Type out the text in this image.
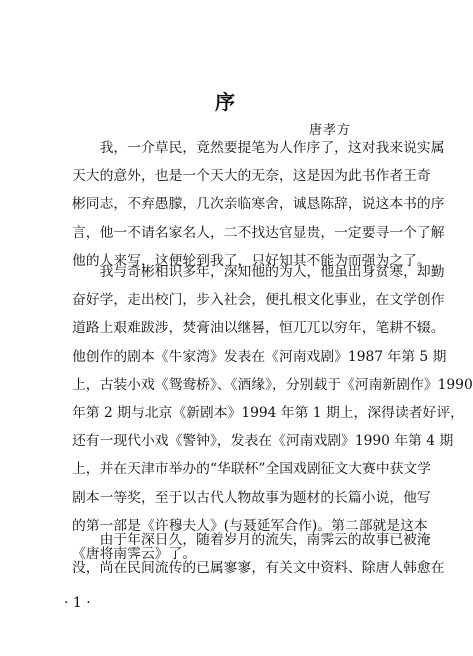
序
唐孝方
　　我，一介草民，竟然要提笔为人作序了，这对我来说实属
天大的意外，也是一个天大的无奈，这是因为此书作者王奇
彬同志，不弃愚朦，几次亲临寒舍，诚恳陈辞，说这本书的序
言，他一不请名家名人，二不找达官显贵，一定要寻一个了解
他的人来写，这便轮到我了，只好知其不能为而强为之了。
　　我与奇彬相识多年，深知他的为人，他虽出身贫寒，却勤
奋好学，走出校门，步入社会，便扎根文化事业，在文学创作
道路上艰难跋涉，焚膏油以继晷，恒兀兀以穷年，笔耕不辍。
他创作的剧本《牛家湾》发表在《河南戏剧》1987 年第 5 期
上，古装小戏《鸳鸯桥》、《酒缘》，分别载于《河南新剧作》1990
年第 2 期与北京《新剧本》1994 年第 1 期上，深得读者好评，
还有一现代小戏《警钟》，发表在《河南戏剧》1990 年第 4 期
上，并在天津市举办的“华联杯”全国戏剧征文大赛中获文学
剧本一等奖，至于以古代人物故事为题材的长篇小说，他写
的第一部是《许穆夫人》(与聂延军合作)。第二部就是这本
《唐将南霁云》了。
　　由于年深日久，随着岁月的流失，南霁云的故事已被淹
没，尚在民间流传的已属寥寥，有关文中资料、除唐人韩愈在
· 1 ·
